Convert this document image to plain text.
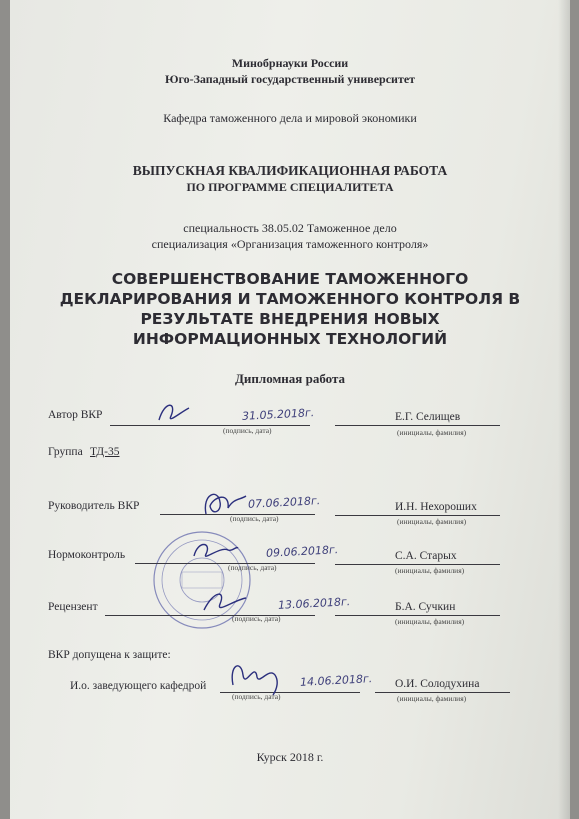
Минобрнауки России
Юго-Западный государственный университет
Кафедра таможенного дела и мировой экономики
ВЫПУСКНАЯ КВАЛИФИКАЦИОННАЯ РАБОТА
ПО ПРОГРАММЕ СПЕЦИАЛИТЕТА
специальность 38.05.02 Таможенное дело
специализация «Организация таможенного контроля»
СОВЕРШЕНСТВОВАНИЕ ТАМОЖЕННОГО
ДЕКЛАРИРОВАНИЯ И ТАМОЖЕННОГО КОНТРОЛЯ В
РЕЗУЛЬТАТЕ ВНЕДРЕНИЯ НОВЫХ
ИНФОРМАЦИОННЫХ ТЕХНОЛОГИЙ
Дипломная работа
Автор ВКР	31.05.2018г.
(подпись, дата)
Е.Г. Селищев
(инициалы, фамилия)
Группа ТД-35
Руководитель ВКР	07.06.2018г.
(подпись, дата)
И.Н. Нехороших
(инициалы, фамилия)
Нормоконтроль	09.06.2018г.
(подпись, дата)
С.А. Старых
(инициалы, фамилия)
Рецензент	13.06.2018г.
(подпись, дата)
Б.А. Сучкин
(инициалы, фамилия)
ВКР допущена к защите:
И.о. заведующего кафедрой	14.06.2018г.
(подпись, дата)
О.И. Солодухина
(инициалы, фамилия)
Курск 2018 г.
